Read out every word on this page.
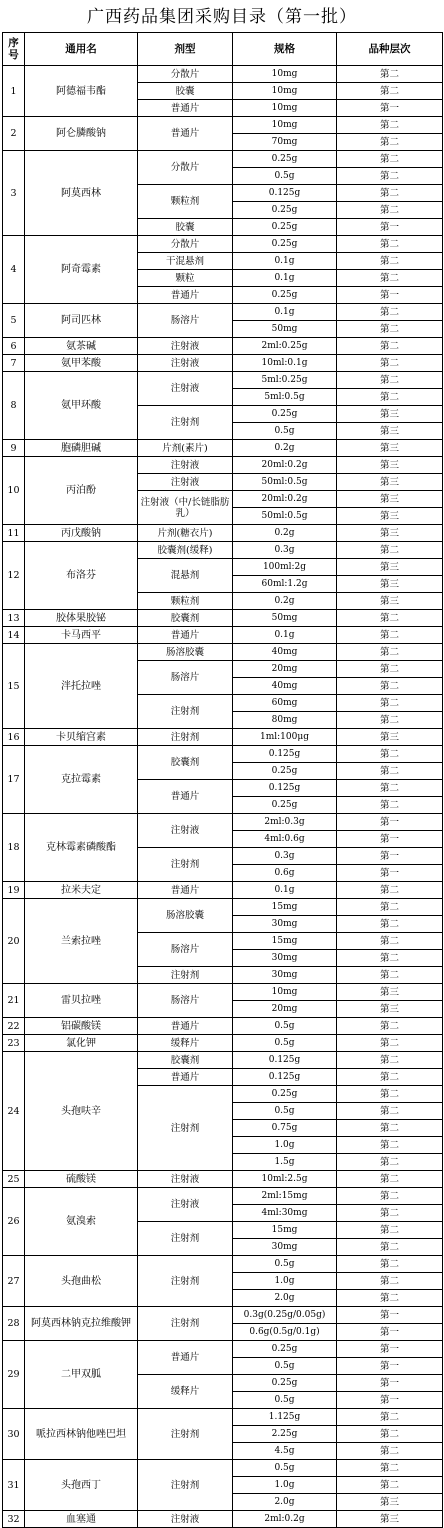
广西药品集团采购目录（第一批）
序号	通用名	剂型	规格	品种层次
1	阿德福韦酯	分散片	10mg	第二
		胶囊	10mg	第二
		普通片	10mg	第一
2	阿仑膦酸钠	普通片	10mg	第二
			70mg	第二
3	阿莫西林	分散片	0.25g	第二
			0.5g	第二
		颗粒剂	0.125g	第二
			0.25g	第二
		胶囊	0.25g	第一
4	阿奇霉素	分散片	0.25g	第二
		干混悬剂	0.1g	第二
		颗粒	0.1g	第二
		普通片	0.25g	第一
5	阿司匹林	肠溶片	0.1g	第二
			50mg	第二
6	氨茶碱	注射液	2ml:0.25g	第二
7	氨甲苯酸	注射液	10ml:0.1g	第二
8	氨甲环酸	注射液	5ml:0.25g	第二
			5ml:0.5g	第二
		注射剂	0.25g	第三
			0.5g	第三
9	胞磷胆碱	片剂(素片)	0.2g	第三
10	丙泊酚	注射液	20ml:0.2g	第三
		注射液	50ml:0.5g	第三
		注射液（中/长链脂肪乳）	20ml:0.2g	第三
			50ml:0.5g	第三
11	丙戊酸钠	片剂(糖衣片)	0.2g	第三
12	布洛芬	胶囊剂(缓释)	0.3g	第二
		混悬剂	100ml:2g	第三
			60ml:1.2g	第三
		颗粒剂	0.2g	第三
13	胶体果胶铋	胶囊剂	50mg	第二
14	卡马西平	普通片	0.1g	第二
15	泮托拉唑	肠溶胶囊	40mg	第二
		肠溶片	20mg	第二
			40mg	第二
		注射剂	60mg	第二
			80mg	第二
16	卡贝缩宫素	注射剂	1ml:100μg	第三
17	克拉霉素	胶囊剂	0.125g	第二
			0.25g	第二
		普通片	0.125g	第二
			0.25g	第二
18	克林霉素磷酸酯	注射液	2ml:0.3g	第一
			4ml:0.6g	第一
		注射剂	0.3g	第一
			0.6g	第一
19	拉米夫定	普通片	0.1g	第二
20	兰索拉唑	肠溶胶囊	15mg	第二
			30mg	第二
		肠溶片	15mg	第二
			30mg	第二
		注射剂	30mg	第二
21	雷贝拉唑	肠溶片	10mg	第三
			20mg	第三
22	铝碳酸镁	普通片	0.5g	第二
23	氯化钾	缓释片	0.5g	第二
24	头孢呋辛	胶囊剂	0.125g	第二
		普通片	0.125g	第二
		注射剂	0.25g	第二
			0.5g	第二
			0.75g	第二
			1.0g	第二
			1.5g	第二
25	硫酸镁	注射液	10ml:2.5g	第二
26	氨溴索	注射液	2ml:15mg	第二
			4ml:30mg	第二
		注射剂	15mg	第二
			30mg	第二
27	头孢曲松	注射剂	0.5g	第二
			1.0g	第二
			2.0g	第二
28	阿莫西林钠克拉维酸钾	注射剂	0.3g(0.25g/0.05g)	第一
			0.6g(0.5g/0.1g)	第一
29	二甲双胍	普通片	0.25g	第一
			0.5g	第一
		缓释片	0.25g	第一
			0.5g	第一
30	哌拉西林钠他唑巴坦	注射剂	1.125g	第二
			2.25g	第二
			4.5g	第二
31	头孢西丁	注射剂	0.5g	第二
			1.0g	第二
			2.0g	第三
32	血塞通	注射液	2ml:0.2g	第三
